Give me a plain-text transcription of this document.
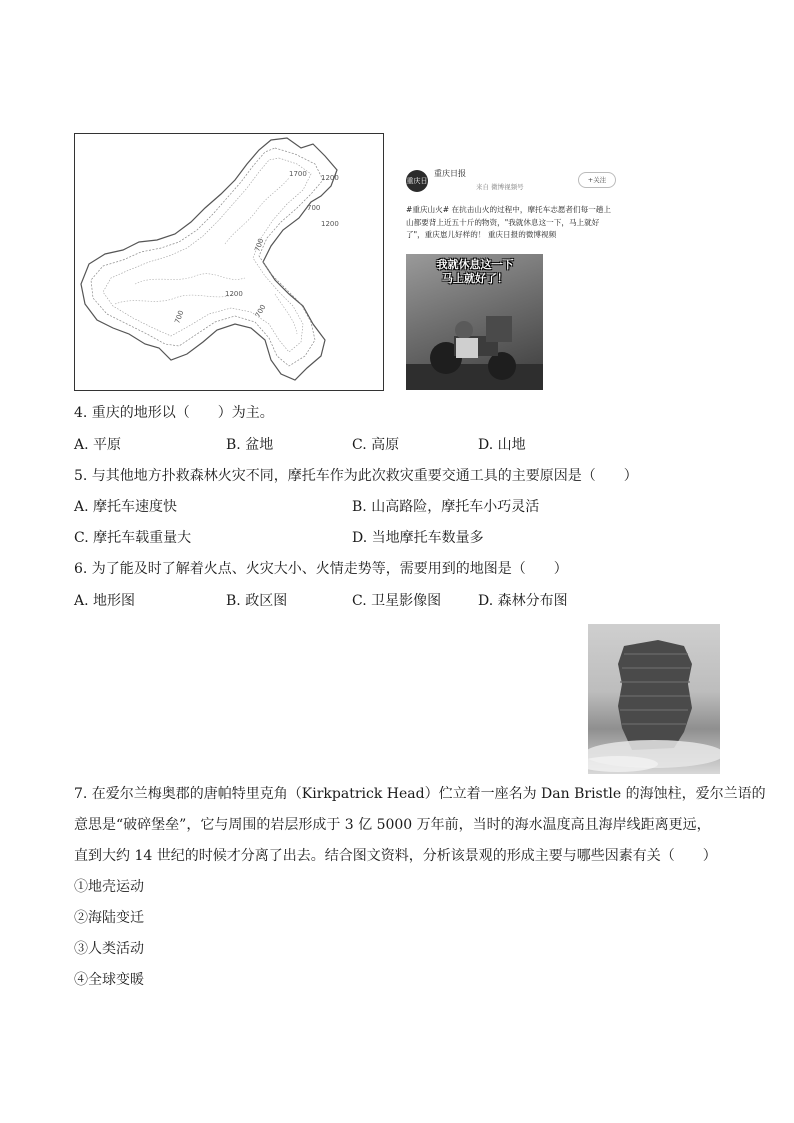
1700 1200
700
1200
700
1200
700	700
重庆日报
重庆日报
来自 微博视频号
+关注
#重庆山火# 在抗击山火的过程中，摩托车志愿者们每一趟上山都要背上近五十斤的物资，"我就休息这一下，马上就好了"，重庆崽儿好样的！ 重庆日报的微博视频
我就休息这一下
马上就好了！
4. 重庆的地形以（　　）为主。
A. 平原	B. 盆地	C. 高原	D. 山地
5. 与其他地方扑救森林火灾不同，摩托车作为此次救灾重要交通工具的主要原因是（　　）
A. 摩托车速度快	B. 山高路险，摩托车小巧灵活
C. 摩托车载重量大	D. 当地摩托车数量多
6. 为了能及时了解着火点、火灾大小、火情走势等，需要用到的地图是（　　）
A. 地形图	B. 政区图	C. 卫星影像图	D. 森林分布图
7. 在爱尔兰梅奥郡的唐帕特里克角（Kirkpatrick Head）伫立着一座名为 Dan Bristle 的海蚀柱，爱尔兰语的
意思是“破碎堡垒”，它与周围的岩层形成于 3 亿 5000 万年前，当时的海水温度高且海岸线距离更远，
直到大约 14 世纪的时候才分离了出去。结合图文资料，分析该景观的形成主要与哪些因素有关（　　）
①地壳运动
②海陆变迁
③人类活动
④全球变暖
